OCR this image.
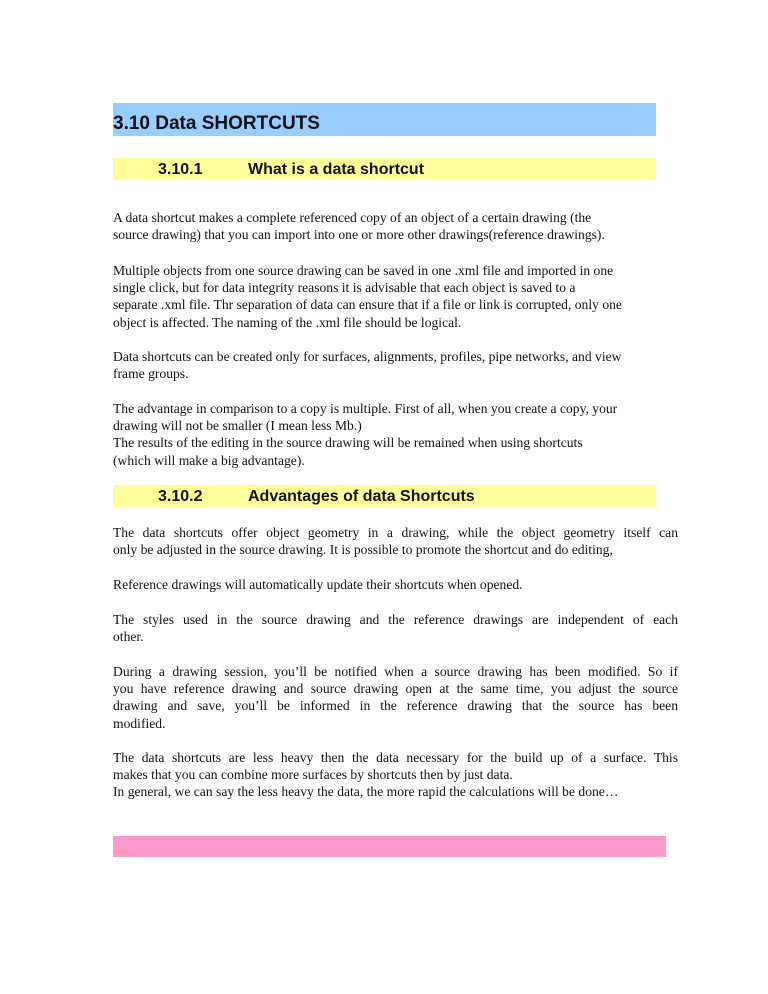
3.10 Data SHORTCUTS
3.10.1	What is a data shortcut
A data shortcut makes a complete referenced copy of an object of a certain drawing (the
source drawing) that you can import into one or more other drawings(reference drawings).
Multiple objects from one source drawing can be saved in one .xml file and imported in one
single click, but for data integrity reasons it is advisable that each object is saved to a
separate .xml file. Thr separation of data can ensure that if a file or link is corrupted, only one
object is affected. The naming of the .xml file should be logical.
Data shortcuts can be created only for surfaces, alignments, profiles, pipe networks, and view
frame groups.
The advantage in comparison to a copy is multiple. First of all, when you create a copy, your
drawing will not be smaller (I mean less Mb.)
The results of the editing in the source drawing will be remained when using shortcuts
(which will make a big advantage).
3.10.2	Advantages of data Shortcuts
The data shortcuts offer object geometry in a drawing, while the object geometry itself can
only be adjusted in the source drawing. It is possible to promote the shortcut and do editing,
Reference drawings will automatically update their shortcuts when opened.
The styles used in the source drawing and the reference drawings are independent of each
other.
During a drawing session, you’ll be notified when a source drawing has been modified. So if
you have reference drawing and source drawing open at the same time, you adjust the source
drawing and save, you’ll be informed in the reference drawing that the source has been
modified.
The data shortcuts are less heavy then the data necessary for the build up of a surface. This
makes that you can combine more surfaces by shortcuts then by just data.
In general, we can say the less heavy the data, the more rapid the calculations will be done…
